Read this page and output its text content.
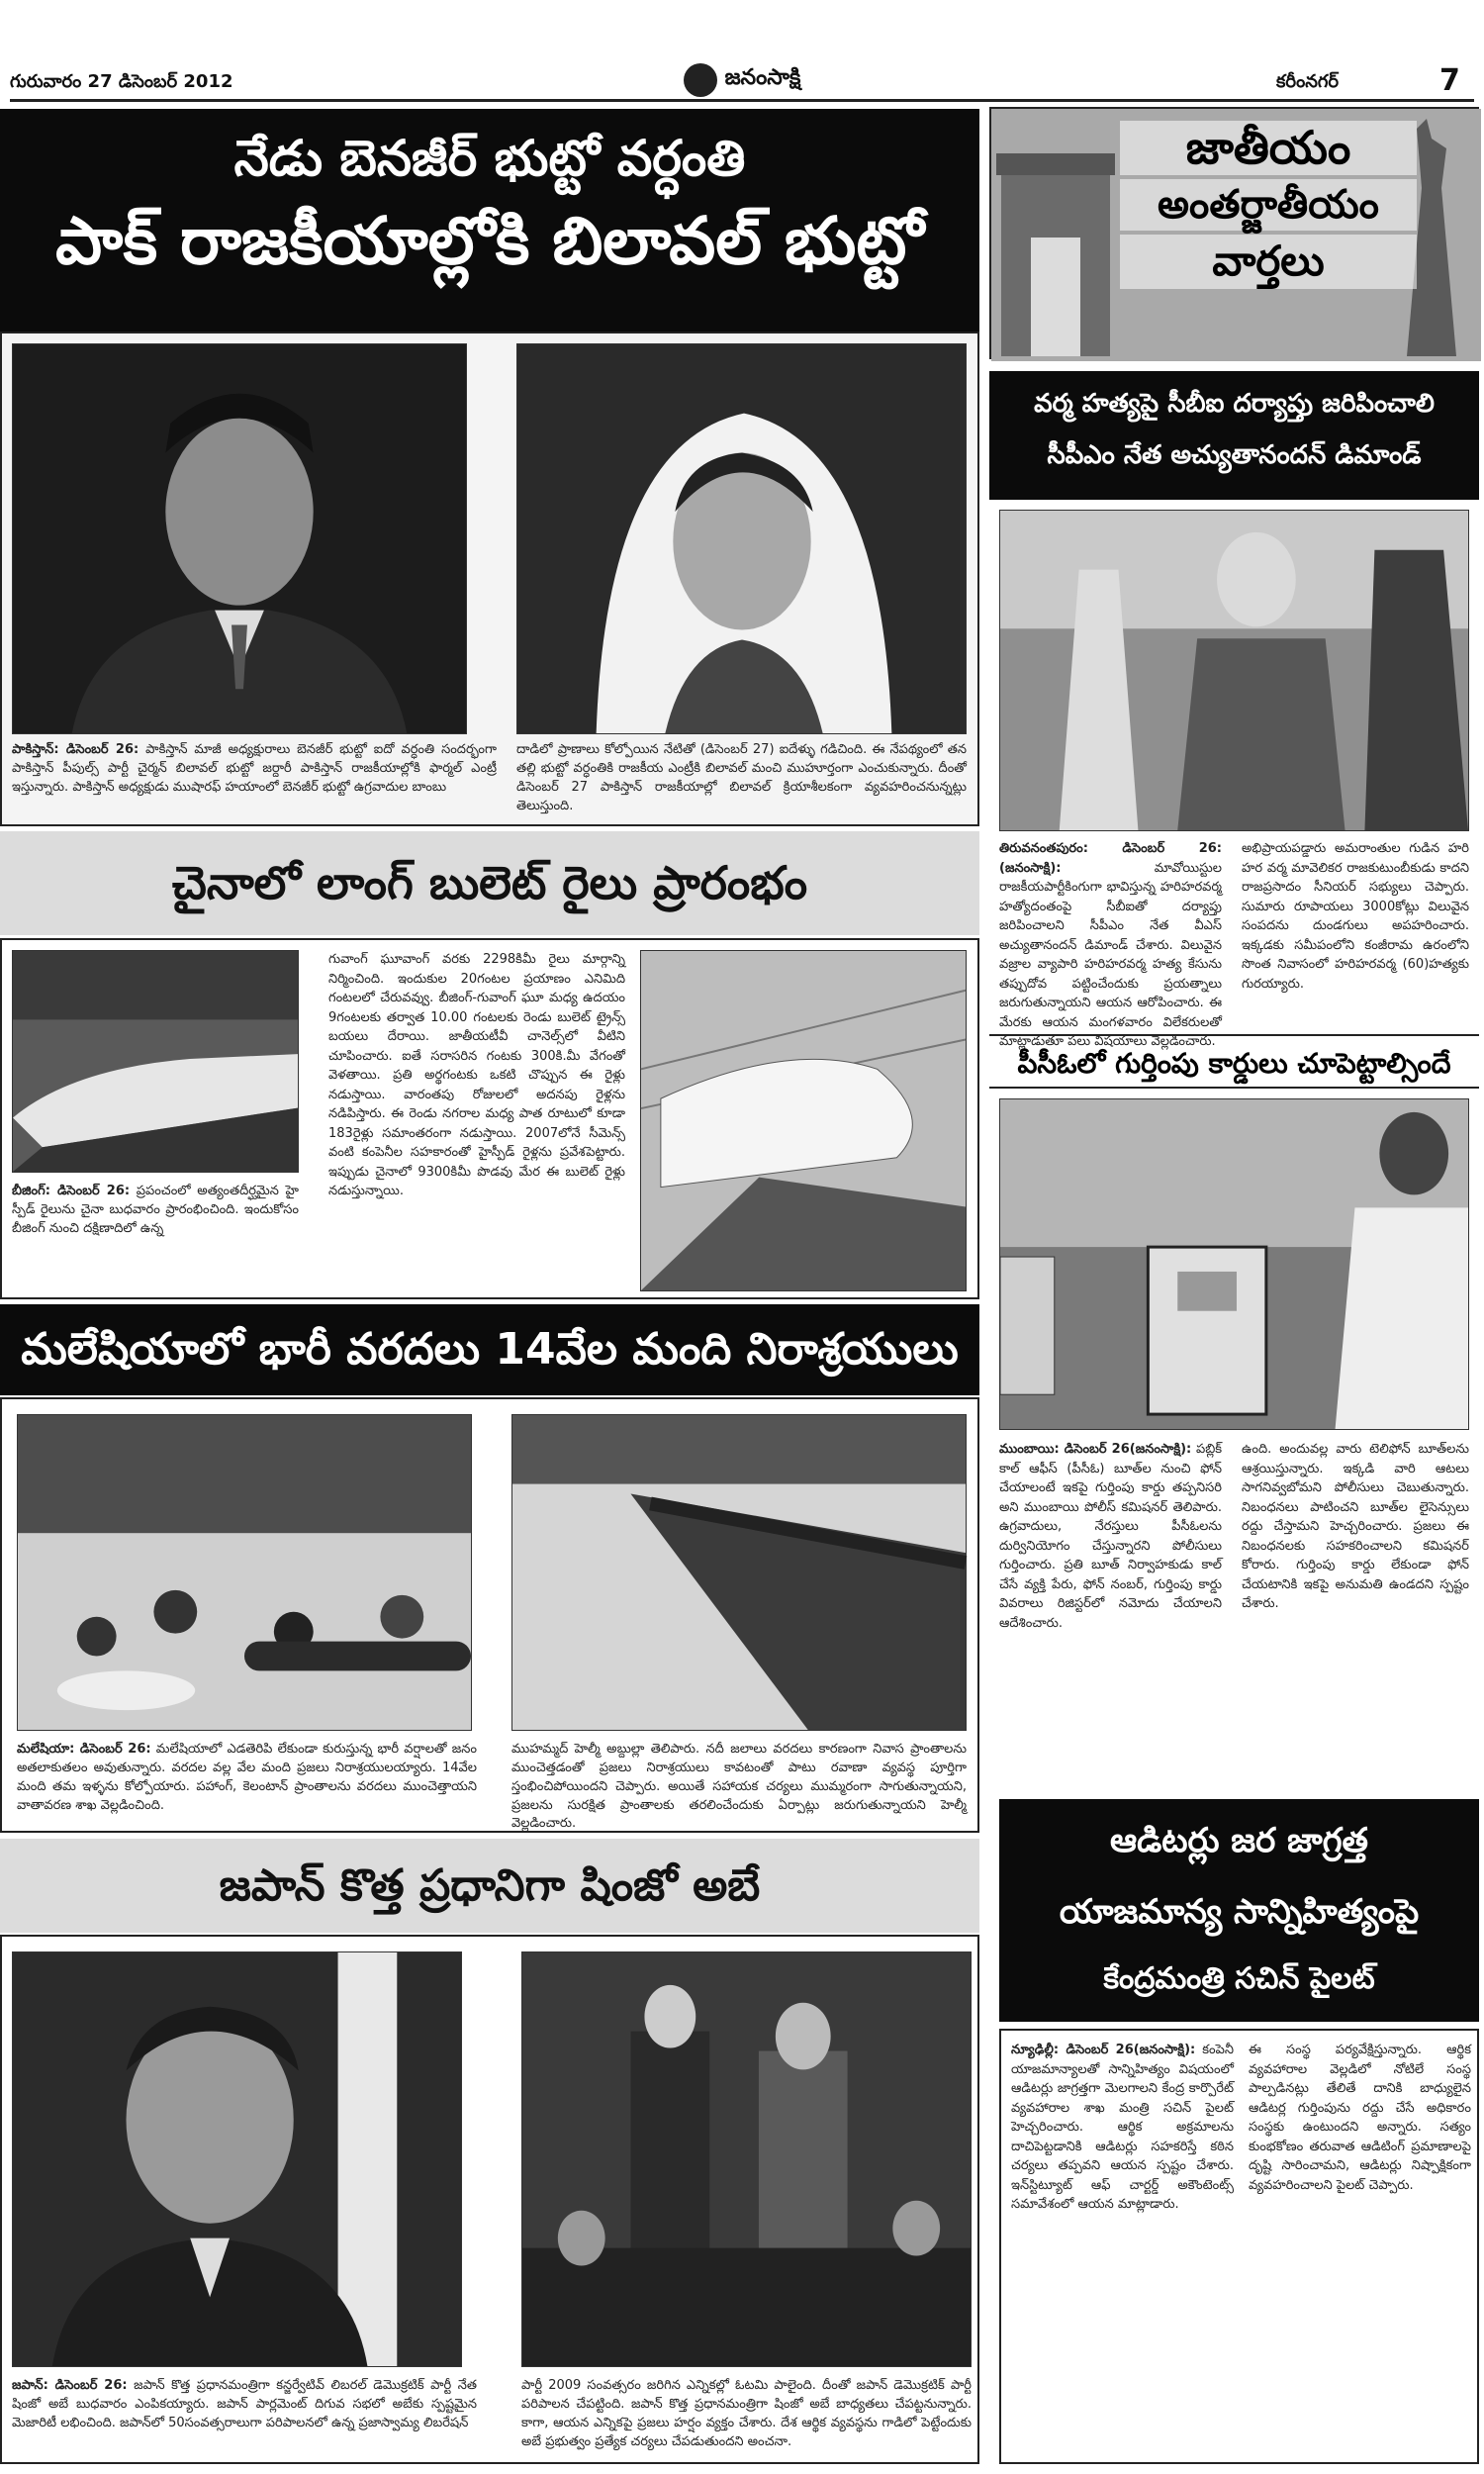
గురువారం 27 డిసెంబర్ 2012	జనంసాక్షి	కరీంనగర్	7
నేడు బెనజీర్ భుట్టో వర్ధంతి
పాక్ రాజకీయాల్లోకి బిలావల్ భుట్టో
పాకిస్తాన్: డిసెంబర్ 26: పాకిస్తాన్ మాజీ అధ్యక్షురాలు బెనజీర్ భుట్టో ఐదో వర్ధంతి సందర్భంగా పాకిస్తాన్ పీపుల్స్ పార్టీ చైర్మన్ బిలావల్ భుట్టో జర్దారీ పాకిస్తాన్ రాజకీయాల్లోకి ఫార్మల్ ఎంట్రీ ఇస్తున్నారు. పాకిస్తాన్ అధ్యక్షుడు ముషారఫ్ హయాంలో బెనజీర్ భుట్టో ఉగ్రవాదుల బాంబు
దాడిలో ప్రాణాలు కోల్పోయిన నేటితో (డిసెంబర్ 27) ఐదేళ్ళు గడిచింది. ఈ నేపథ్యంలో తన తల్లి భుట్టో వర్ధంతికి రాజకీయ ఎంట్రీకి బిలావల్ మంచి ముహూర్తంగా ఎంచుకున్నారు. దీంతో డిసెంబర్ 27 పాకిస్తాన్ రాజకీయాల్లో బిలావల్ క్రియాశీలకంగా వ్యవహరించనున్నట్లు తెలుస్తుంది.
చైనాలో లాంగ్ బులెట్ రైలు ప్రారంభం
బీజింగ్: డిసెంబర్ 26: ప్రపంచంలో అత్యంతదీర్ఘమైన హై స్పీడ్ రైలును చైనా బుధవారం ప్రారంభించింది. ఇందుకోసం బీజింగ్ నుంచి దక్షిణాదిలో ఉన్న
గువాంగ్ ఘూవాంగ్ వరకు 2298కిమీ రైలు మార్గాన్ని నిర్మించింది. ఇందుకుల 20గంటల ప్రయాణం ఎనిమిది గంటలలో చేరువవ్వు. బీజింగ్-గువాంగ్ ఘూ మధ్య ఉదయం 9గంటలకు తర్వాత 10.00 గంటలకు రెండు బులెట్ ట్రైన్స్ బయలు దేరాయి. జాతీయటీవీ చానెల్స్‌లో వీటిని చూపించారు. ఐతే సరాసరిన గంటకు 300కి.మీ వేగంతో వెళతాయి. ప్రతి అర్థగంటకు ఒకటి చొప్పున ఈ రైళ్లు నడుస్తాయి. వారంతపు రోజులలో అదనపు రైళ్లను నడిపిస్తారు. ఈ రెండు నగరాల మధ్య పాత రూటులో కూడా 183రైళ్లు సమాంతరంగా నడుస్తాయి. 2007లోనే సీమెన్స్ వంటి కంపెనీల సహకారంతో హైస్పీడ్ రైళ్లను ప్రవేశపెట్టారు. ఇప్పుడు చైనాలో 9300కిమీ పొడవు మేర ఈ బులెట్ రైళ్లు నడుస్తున్నాయి.
మలేషియాలో భారీ వరదలు 14వేల మంది నిరాశ్రయులు
మలేషియా: డిసెంబర్ 26: మలేషియాలో ఎడతెరిపి లేకుండా కురుస్తున్న భారీ వర్షాలతో జనం అతలాకుతలం అవుతున్నారు. వరదల వల్ల వేల మంది ప్రజలు నిరాశ్రయులయ్యారు. 14వేల మంది తమ ఇళ్ళను కోల్పోయారు. పహాంగ్, కెలంటాన్ ప్రాంతాలను వరదలు ముంచెత్తాయని వాతావరణ శాఖ వెల్లడించింది.
ముహమ్మద్ హెల్మీ అబ్దుల్లా తెలిపారు. నదీ జలాలు వరదలు కారణంగా నివాస ప్రాంతాలను ముంచెత్తడంతో ప్రజలు నిరాశ్రయులు కావటంతో పాటు రవాణా వ్యవస్థ పూర్తిగా స్తంభించిపోయిందని చెప్పారు. అయితే సహాయక చర్యలు ముమ్మరంగా సాగుతున్నాయని, ప్రజలను సురక్షిత ప్రాంతాలకు తరలించేందుకు ఏర్పాట్లు జరుగుతున్నాయని హెల్మీ వెల్లడించారు.
జపాన్ కొత్త ప్రధానిగా షింజో అబే
జపాన్: డిసెంబర్ 26: జపాన్ కొత్త ప్రధానమంత్రిగా కన్జర్వేటివ్ లిబరల్ డెమొక్రటిక్ పార్టీ నేత షింజో అబే బుధవారం ఎంపికయ్యారు. జపాన్ పార్లమెంట్ దిగువ సభలో అబేకు స్పష్టమైన మెజారిటీ లభించింది. జపాన్‌లో 50సంవత్సరాలుగా పరిపాలనలో ఉన్న ప్రజాస్వామ్య లిబరేషన్
పార్టీ 2009 సంవత్సరం జరిగిన ఎన్నికల్లో ఓటమి పాలైంది. దీంతో జపాన్ డెమొక్రటిక్ పార్టీ పరిపాలన చేపట్టింది. జపాన్ కొత్త ప్రధానమంత్రిగా షింజో అబే బాధ్యతలు చేపట్టనున్నారు. కాగా, ఆయన ఎన్నికపై ప్రజలు హర్షం వ్యక్తం చేశారు. దేశ ఆర్థిక వ్యవస్థను గాడిలో పెట్టేందుకు అబే ప్రభుత్వం ప్రత్యేక చర్యలు చేపడుతుందని అంచనా.
జాతీయం
అంతర్జాతీయం
వార్తలు
వర్మ హత్యపై సీబీఐ దర్యాప్తు జరిపించాలి
సీపీఎం నేత అచ్యుతానందన్ డిమాండ్
తిరువనంతపురం: డిసెంబర్ 26: (జనంసాక్షి):	మావోయిస్టుల రాజకీయపార్టీకింగుగా భావిస్తున్న హరిహరవర్మ హత్యోదంతంపై సీబీఐతో దర్యాప్తు జరిపించాలని సీపీఎం నేత వీఎస్ అచ్యుతానందన్ డిమాండ్ చేశారు. విలువైన వజ్రాల వ్యాపారి హరిహరవర్మ హత్య కేసును తప్పుదోవ పట్టించేందుకు ప్రయత్నాలు జరుగుతున్నాయని ఆయన ఆరోపించారు. ఈ మేరకు ఆయన మంగళవారం విలేకరులతో మాట్లాడుతూ పలు విషయాలు వెల్లడించారు.
అభిప్రాయపడ్డారు అమరాంతుల గుడిన హరి హర వర్మ మావెలికర రాజకుటుంబీకుడు కాదని రాజప్రసాదం సీనియర్ సభ్యులు చెప్పారు. సుమారు రూపాయలు 3000కోట్లు విలువైన సంపదను దుండగులు అపహరించారు. ఇక్కడకు సమీపంలోని కంజీరామ ఉరంలోని సొంత నివాసంలో హరిహరవర్మ (60)హత్యకు గురయ్యారు.
పీసీఓలో గుర్తింపు కార్డులు చూపెట్టాల్సిందే
ముంబాయి: డిసెంబర్ 26(జనంసాక్షి): పబ్లిక్ కాల్ ఆఫీస్ (పీసీఓ) బూత్‌ల నుంచి ఫోన్ చేయాలంటే ఇకపై గుర్తింపు కార్డు తప్పనిసరి అని ముంబాయి పోలీస్ కమిషనర్ తెలిపారు. ఉగ్రవాదులు, నేరస్తులు పీసీఓలను దుర్వినియోగం చేస్తున్నారని పోలీసులు గుర్తించారు. ప్రతి బూత్ నిర్వాహకుడు కాల్ చేసే వ్యక్తి పేరు, ఫోన్ నంబర్, గుర్తింపు కార్డు వివరాలు రిజిస్టర్‌లో నమోదు చేయాలని ఆదేశించారు.
ఉంది. అందువల్ల వారు టెలిఫోన్ బూత్‌లను ఆశ్రయిస్తున్నారు. ఇక్కడి వారి ఆటలు సాగనివ్వబోమని పోలీసులు చెబుతున్నారు. నిబంధనలు పాటించని బూత్‌ల లైసెన్సులు రద్దు చేస్తామని హెచ్చరించారు. ప్రజలు ఈ నిబంధనలకు సహకరించాలని కమిషనర్ కోరారు. గుర్తింపు కార్డు లేకుండా ఫోన్ చేయటానికి ఇకపై అనుమతి ఉండదని స్పష్టం చేశారు.
ఆడిటర్లు జర జాగ్రత్త
యాజమాన్య సాన్నిహిత్యంపై
కేంద్రమంత్రి సచిన్ పైలట్
న్యూఢిల్లీ: డిసెంబర్ 26(జనంసాక్షి): కంపెనీ యాజమాన్యాలతో సాన్నిహిత్యం విషయంలో ఆడిటర్లు జాగ్రత్తగా మెలగాలని కేంద్ర కార్పొరేట్ వ్యవహారాల శాఖ మంత్రి సచిన్ పైలట్ హెచ్చరించారు. ఆర్థిక అక్రమాలను దాచిపెట్టడానికి ఆడిటర్లు సహకరిస్తే కఠిన చర్యలు తప్పవని ఆయన స్పష్టం చేశారు. ఇన్‌స్టిట్యూట్ ఆఫ్ చార్టర్డ్ అకౌంటెంట్స్ సమావేశంలో ఆయన మాట్లాడారు.
ఈ సంస్థ పర్యవేక్షిస్తున్నారు. ఆర్థిక వ్యవహారాల వెల్లడిలో నోటిలే సంస్థ పాల్పడినట్లు తేలితే దానికి బాధ్యులైన ఆడిటర్ల గుర్తింపును రద్దు చేసే అధికారం సంస్థకు ఉంటుందని అన్నారు. సత్యం కుంభకోణం తరువాత ఆడిటింగ్ ప్రమాణాలపై దృష్టి సారించామని, ఆడిటర్లు నిష్పాక్షికంగా వ్యవహరించాలని పైలట్ చెప్పారు.
